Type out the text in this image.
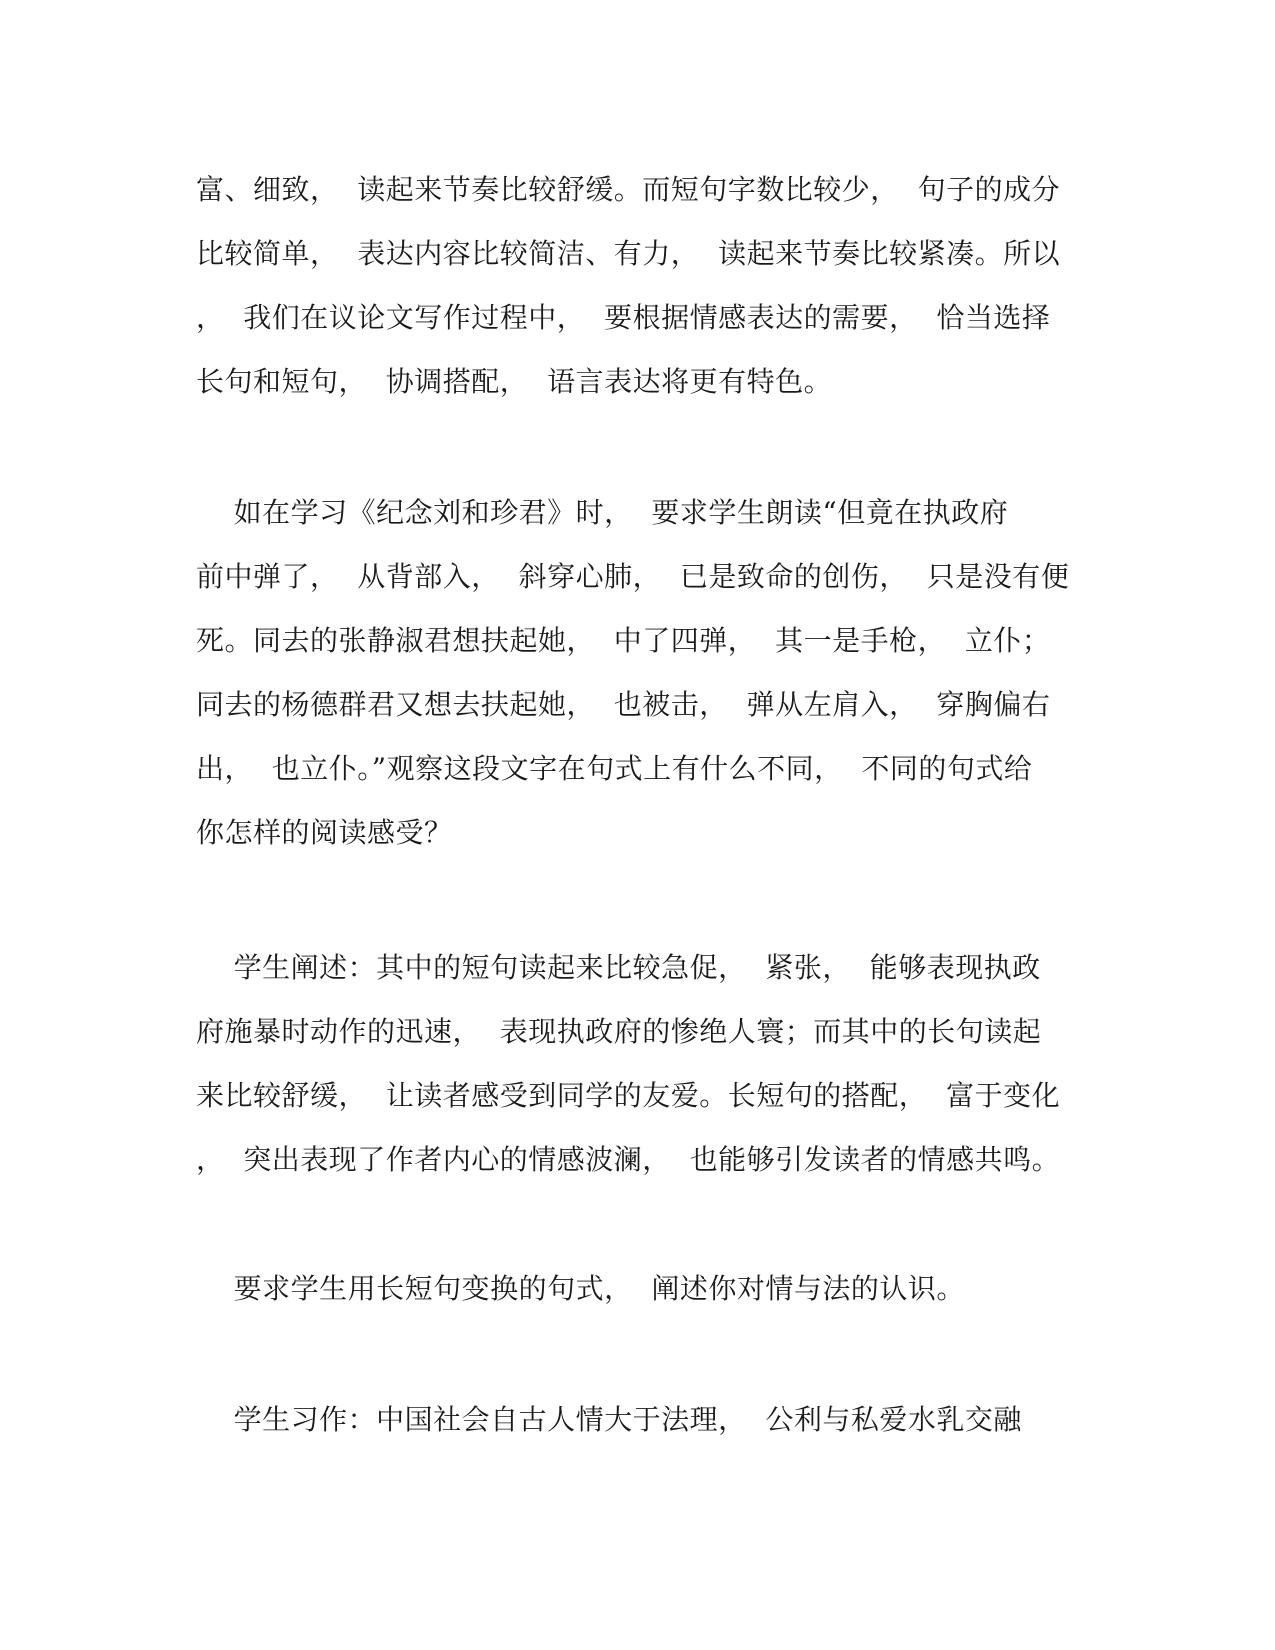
富、细致，  读起来节奏比较舒缓。而短句字数比较少，  句子的成分
比较简单，  表达内容比较简洁、有力，  读起来节奏比较紧凑。所以
，  我们在议论文写作过程中，  要根据情感表达的需要，  恰当选择
长句和短句，  协调搭配，  语言表达将更有特色。
如在学习《纪念刘和珍君》时，  要求学生朗读“但竟在执政府
前中弹了，  从背部入，  斜穿心肺，  已是致命的创伤，  只是没有便
死。同去的张静淑君想扶起她，  中了四弹，  其一是手枪，  立仆；
同去的杨德群君又想去扶起她，  也被击，  弹从左肩入，  穿胸偏右
出，  也立仆。”观察这段文字在句式上有什么不同，  不同的句式给
你怎样的阅读感受？
学生阐述：其中的短句读起来比较急促，  紧张，  能够表现执政
府施暴时动作的迅速，  表现执政府的惨绝人寰；而其中的长句读起
来比较舒缓，  让读者感受到同学的友爱。长短句的搭配，  富于变化
，  突出表现了作者内心的情感波澜，  也能够引发读者的情感共鸣。
要求学生用长短句变换的句式，  阐述你对情与法的认识。
学生习作：中国社会自古人情大于法理，  公利与私爱水乳交融
